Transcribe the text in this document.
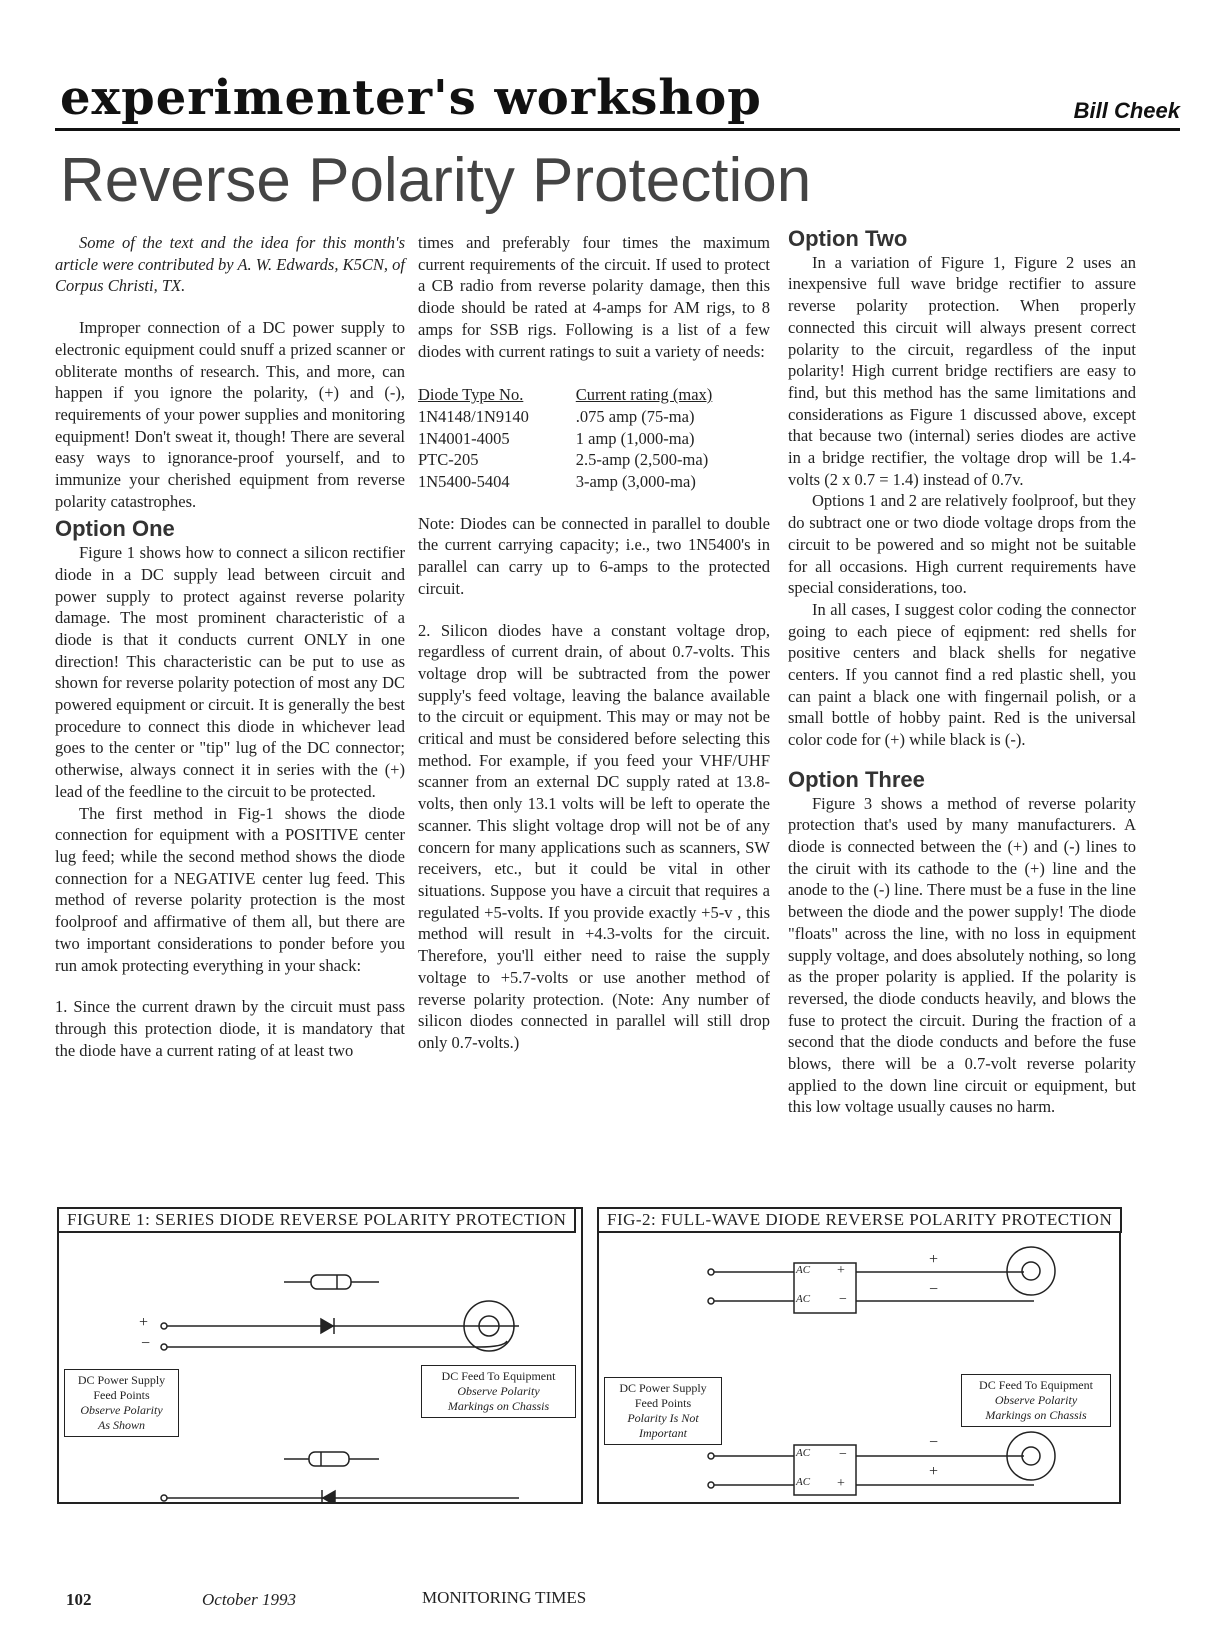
experimenter's workshop	Bill Cheek
Reverse Polarity Protection

Some of the text and the idea for this month's article were contributed by A. W. Edwards, K5CN, of Corpus Christi, TX.

Improper connection of a DC power supply to electronic equipment could snuff a prized scanner or obliterate months of research. This, and more, can happen if you ignore the polarity, (+) and (-), requirements of your power supplies and monitoring equipment! Don't sweat it, though! There are several easy ways to ignorance-proof yourself, and to immunize your cherished equipment from reverse polarity catastrophes.

Option One

Figure 1 shows how to connect a silicon rectifier diode in a DC supply lead between circuit and power supply to protect against reverse polarity damage. The most prominent characteristic of a diode is that it conducts current ONLY in one direction! This characteristic can be put to use as shown for reverse polarity potection of most any DC powered equipment or circuit. It is generally the best procedure to connect this diode in whichever lead goes to the center or "tip" lug of the DC connector; otherwise, always connect it in series with the (+) lead of the feedline to the circuit to be protected.

The first method in Fig-1 shows the diode connection for equipment with a POSITIVE center lug feed; while the second method shows the diode connection for a NEGATIVE center lug feed. This method of reverse polarity protection is the most foolproof and affirmative of them all, but there are two important considerations to ponder before you run amok protecting everything in your shack:

1. Since the current drawn by the circuit must pass through this protection diode, it is mandatory that the diode have a current rating of at least two

times and preferably four times the maximum current requirements of the circuit. If used to protect a CB radio from reverse polarity damage, then this diode should be rated at 4-amps for AM rigs, to 8 amps for SSB rigs. Following is a list of a few diodes with current ratings to suit a variety of needs:

Diode Type No.	Current rating (max)
1N4148/1N9140	.075 amp (75-ma)
1N4001-4005	1 amp (1,000-ma)
PTC-205	2.5-amp (2,500-ma)
1N5400-5404	3-amp (3,000-ma)

Note: Diodes can be connected in parallel to double the current carrying capacity; i.e., two 1N5400's in parallel can carry up to 6-amps to the protected circuit.

2. Silicon diodes have a constant voltage drop, regardless of current drain, of about 0.7-volts. This voltage drop will be subtracted from the power supply's feed voltage, leaving the balance available to the circuit or equipment. This may or may not be critical and must be considered before selecting this method. For example, if you feed your VHF/UHF scanner from an external DC supply rated at 13.8-volts, then only 13.1 volts will be left to operate the scanner. This slight voltage drop will not be of any concern for many applications such as scanners, SW receivers, etc., but it could be vital in other situations. Suppose you have a circuit that requires a regulated +5-volts. If you provide exactly +5-v , this method will result in +4.3-volts for the circuit. Therefore, you'll either need to raise the supply voltage to +5.7-volts or use another method of reverse polarity protection. (Note: Any number of silicon diodes connected in parallel will still drop only 0.7-volts.)

Option Two

In a variation of Figure 1, Figure 2 uses an inexpensive full wave bridge rectifier to assure reverse polarity protection. When properly connected this circuit will always present correct polarity to the circuit, regardless of the input polarity! High current bridge rectifiers are easy to find, but this method has the same limitations and considerations as Figure 1 discussed above, except that because two (internal) series diodes are active in a bridge rectifier, the voltage drop will be 1.4-volts (2 x 0.7 = 1.4) instead of 0.7v.

Options 1 and 2 are relatively foolproof, but they do subtract one or two diode voltage drops from the circuit to be powered and so might not be suitable for all occasions. High current requirements have special considerations, too.

In all cases, I suggest color coding the connector going to each piece of eqipment: red shells for positive centers and black shells for negative centers. If you cannot find a red plastic shell, you can paint a black one with fingernail polish, or a small bottle of hobby paint. Red is the universal color code for (+) while black is (-).

Option Three

Figure 3 shows a method of reverse polarity protection that's used by many manufacturers. A diode is connected between the (+) and (-) lines to the ciruit with its cathode to the (+) line and the anode to the (-) line. There must be a fuse in the line between the diode and the power supply! The diode "floats" across the line, with no loss in equipment supply voltage, and does absolutely nothing, so long as the proper polarity is applied. If the polarity is reversed, the diode conducts heavily, and blows the fuse to protect the circuit. During the fraction of a second that the diode conducts and before the fuse blows, there will be a 0.7-volt reverse polarity applied to the down line circuit or equipment, but this low voltage usually causes no harm.

+
−
DC Power Supply
Feed Points
Observe Polarity
As Shown
DC Feed To Equipment
Observe Polarity
Markings on Chassis
FIGURE 1: SERIES DIODE REVERSE POLARITY PROTECTION
AC
AC
+
−
AC
AC
−
+
+
−
−
+
DC Power Supply
Feed Points
Polarity Is Not
Important
DC Feed To Equipment
Observe Polarity
Markings on Chassis
FIG-2: FULL-WAVE DIODE REVERSE POLARITY PROTECTION
102	October 1993	MONITORING TIMES
